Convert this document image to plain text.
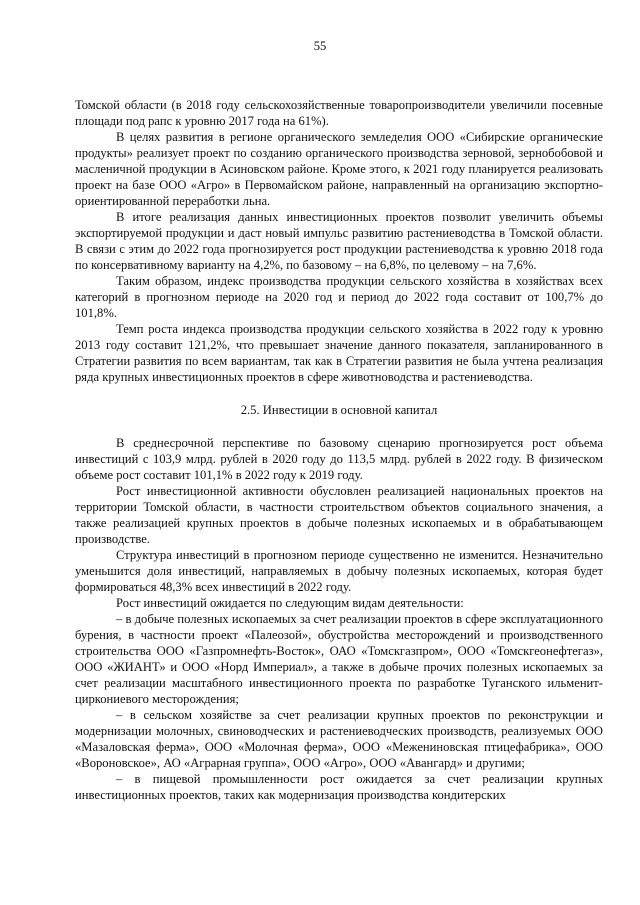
55

Томской области (в 2018 году сельскохозяйственные товаропроизводители увеличили посевные площади под рапс к уровню 2017 года на 61%).

В целях развития в регионе органического земледелия ООО «Сибирские органические продукты» реализует проект по созданию органического производства зерновой, зернобобовой и масленичной продукции в Асиновском районе. Кроме этого, к 2021 году планируется реализовать проект на базе ООО «Агро» в Первомайском районе, направленный на организацию экспортно-ориентированной переработки льна.

В итоге реализация данных инвестиционных проектов позволит увеличить объемы экспортируемой продукции и даст новый импульс развитию растениеводства в Томской области. В связи с этим до 2022 года прогнозируется рост продукции растениеводства к уровню 2018 года по консервативному варианту на 4,2%, по базовому – на 6,8%, по целевому – на 7,6%.

Таким образом, индекс производства продукции сельского хозяйства в хозяйствах всех категорий в прогнозном периоде на 2020 год и период до 2022 года составит от 100,7% до 101,8%.

Темп роста индекса производства продукции сельского хозяйства в 2022 году к уровню 2013 году составит 121,2%, что превышает значение данного показателя, запланированного в Стратегии развития по всем вариантам, так как в Стратегии развития не была учтена реализация ряда крупных инвестиционных проектов в сфере животноводства и растениеводства.

2.5. Инвестиции в основной капитал

В среднесрочной перспективе по базовому сценарию прогнозируется рост объема инвестиций с 103,9 млрд. рублей в 2020 году до 113,5 млрд. рублей в 2022 году. В физическом объеме рост составит 101,1% в 2022 году к 2019 году.

Рост инвестиционной активности обусловлен реализацией национальных проектов на территории Томской области, в частности строительством объектов социального значения, а также реализацией крупных проектов в добыче полезных ископаемых и в обрабатывающем производстве.

Структура инвестиций в прогнозном периоде существенно не изменится. Незначительно уменьшится доля инвестиций, направляемых в добычу полезных ископаемых, которая будет формироваться 48,3% всех инвестиций в 2022 году.

Рост инвестиций ожидается по следующим видам деятельности:

– в добыче полезных ископаемых за счет реализации проектов в сфере эксплуатационного бурения, в частности проект «Палеозой», обустройства месторождений и производственного строительства ООО «Газпромнефть-Восток», ОАО «Томскгазпром», ООО «Томскгеонефтегаз», ООО «ЖИАНТ» и ООО «Норд Империал», а также в добыче прочих полезных ископаемых за счет реализации масштабного инвестиционного проекта по разработке Туганского ильменит-циркониевого месторождения;

– в сельском хозяйстве за счет реализации крупных проектов по реконструкции и модернизации молочных, свиноводческих и растениеводческих производств, реализуемых ООО «Мазаловская ферма», ООО «Молочная ферма», ООО «Межениновская птицефабрика», ООО «Вороновское», АО «Аграрная группа», ООО «Агро», ООО «Авангард» и другими;

– в пищевой промышленности рост ожидается за счет реализации крупных инвестиционных проектов, таких как модернизация производства кондитерских
